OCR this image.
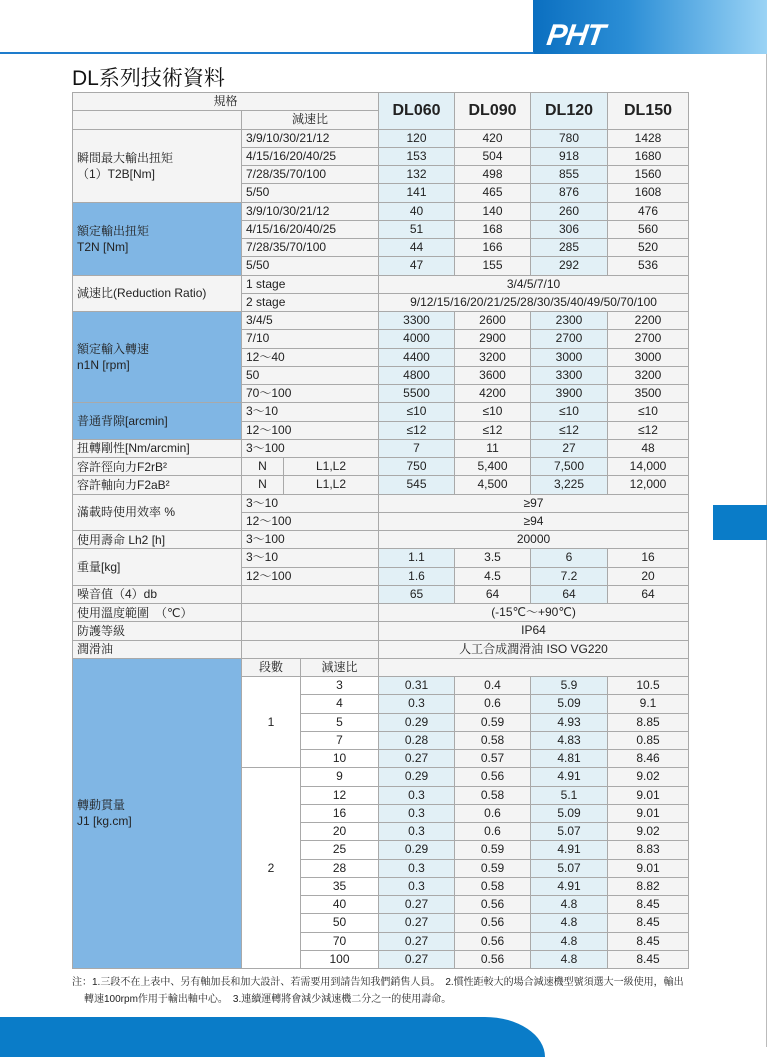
PHT
DL系列技術資料
規格				DL060	DL090	DL120	DL150
	減速比						

瞬間最大輸出扭矩
（1）T2B[Nm]	3/9/10/30/21/12			120	420	780	1428
	4/15/16/20/40/25			153	504	918	1680
	7/28/35/70/100			132	498	855	1560
	5/50			141	465	876	1608

額定輸出扭矩
T2N [Nm]	3/9/10/30/21/12			40	140	260	476
	4/15/16/20/40/25			51	168	306	560
	7/28/35/70/100			44	166	285	520
	5/50			47	155	292	536

減速比(Reduction Ratio)	1 stage			3/4/5/7/10			
	2 stage			9/12/15/16/20/21/25/28/30/35/40/49/50/70/100			

額定輸入轉速
n1N [rpm]	3/4/5			3300	2600	2300	2200
	7/10			4000	2900	2700	2700
	12～40			4400	3200	3000	3000
	50			4800	3600	3300	3200
	70～100			5500	4200	3900	3500

普通背隙[arcmin]	3～10			≤10	≤10	≤10	≤10
	12～100			≤12	≤12	≤12	≤12

扭轉剛性[Nm/arcmin]	3～100			7	11	27	48

容許徑向力F2rB²	N	L1,L2		750	5,400	7,500	14,000

容許軸向力F2aB²	N	L1,L2		545	4,500	3,225	12,000

滿載時使用效率 %	3～10			≥97			
	12～100			≥94			

使用壽命 Lh2 [h]	3～100			20000			

重量[kg]	3～10			1.1	3.5	6	16
	12～100			1.6	4.5	7.2	20

噪音值（4）db				65	64	64	64

使用溫度範圍　（℃）				(-15℃～+90℃)			

防護等級				IP64			

潤滑油				人工合成潤滑油 ISO VG220			

轉動貫量
J1 [kg.cm]	段數		減速比				
	1		3	0.31	0.4	5.9	10.5
			4	0.3	0.6	5.09	9.1
			5	0.29	0.59	4.93	8.85
			7	0.28	0.58	4.83	0.85
			10	0.27	0.57	4.81	8.46
	2		9	0.29	0.56	4.91	9.02
			12	0.3	0.58	5.1	9.01
			16	0.3	0.6	5.09	9.01
			20	0.3	0.6	5.07	9.02
			25	0.29	0.59	4.91	8.83
			28	0.3	0.59	5.07	9.01
			35	0.3	0.58	4.91	8.82
			40	0.27	0.56	4.8	8.45
			50	0.27	0.56	4.8	8.45
			70	0.27	0.56	4.8	8.45
			100	0.27	0.56	4.8	8.45
注：1.三段不在上表中、另有軸加長和加大設計、若需要用到請告知我們銷售人員。　2.慣性距較大的場合減速機型號須選大一級使用，輸出
轉速100rpm作用于輸出軸中心。　3.連續運轉將會減少減速機二分之一的使用壽命。
